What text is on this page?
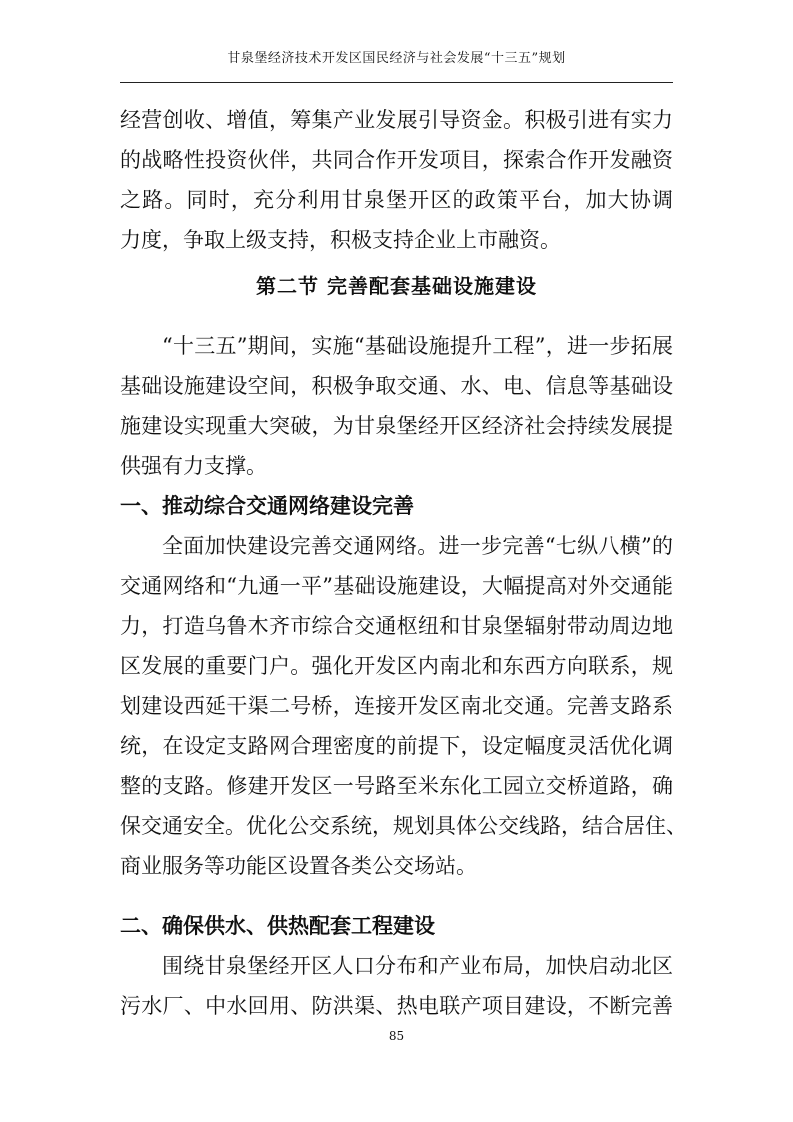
甘泉堡经济技术开发区国民经济与社会发展“十三五”规划
经营创收、增值，筹集产业发展引导资金。积极引进有实力
的战略性投资伙伴，共同合作开发项目，探索合作开发融资
之路。同时，充分利用甘泉堡开区的政策平台，加大协调
力度，争取上级支持，积极支持企业上市融资。
第二节 完善配套基础设施建设
“十三五”期间，实施“基础设施提升工程”，进一步拓展
基础设施建设空间，积极争取交通、水、电、信息等基础设
施建设实现重大突破，为甘泉堡经开区经济社会持续发展提
供强有力支撑。
一、推动综合交通网络建设完善
全面加快建设完善交通网络。进一步完善“七纵八横”的
交通网络和“九通一平”基础设施建设，大幅提高对外交通能
力，打造乌鲁木齐市综合交通枢纽和甘泉堡辐射带动周边地
区发展的重要门户。强化开发区内南北和东西方向联系，规
划建设西延干渠二号桥，连接开发区南北交通。完善支路系
统，在设定支路网合理密度的前提下，设定幅度灵活优化调
整的支路。修建开发区一号路至米东化工园立交桥道路，确
保交通安全。优化公交系统，规划具体公交线路，结合居住、
商业服务等功能区设置各类公交场站。
二、确保供水、供热配套工程建设
围绕甘泉堡经开区人口分布和产业布局，加快启动北区
污水厂、中水回用、防洪渠、热电联产项目建设，不断完善
85
